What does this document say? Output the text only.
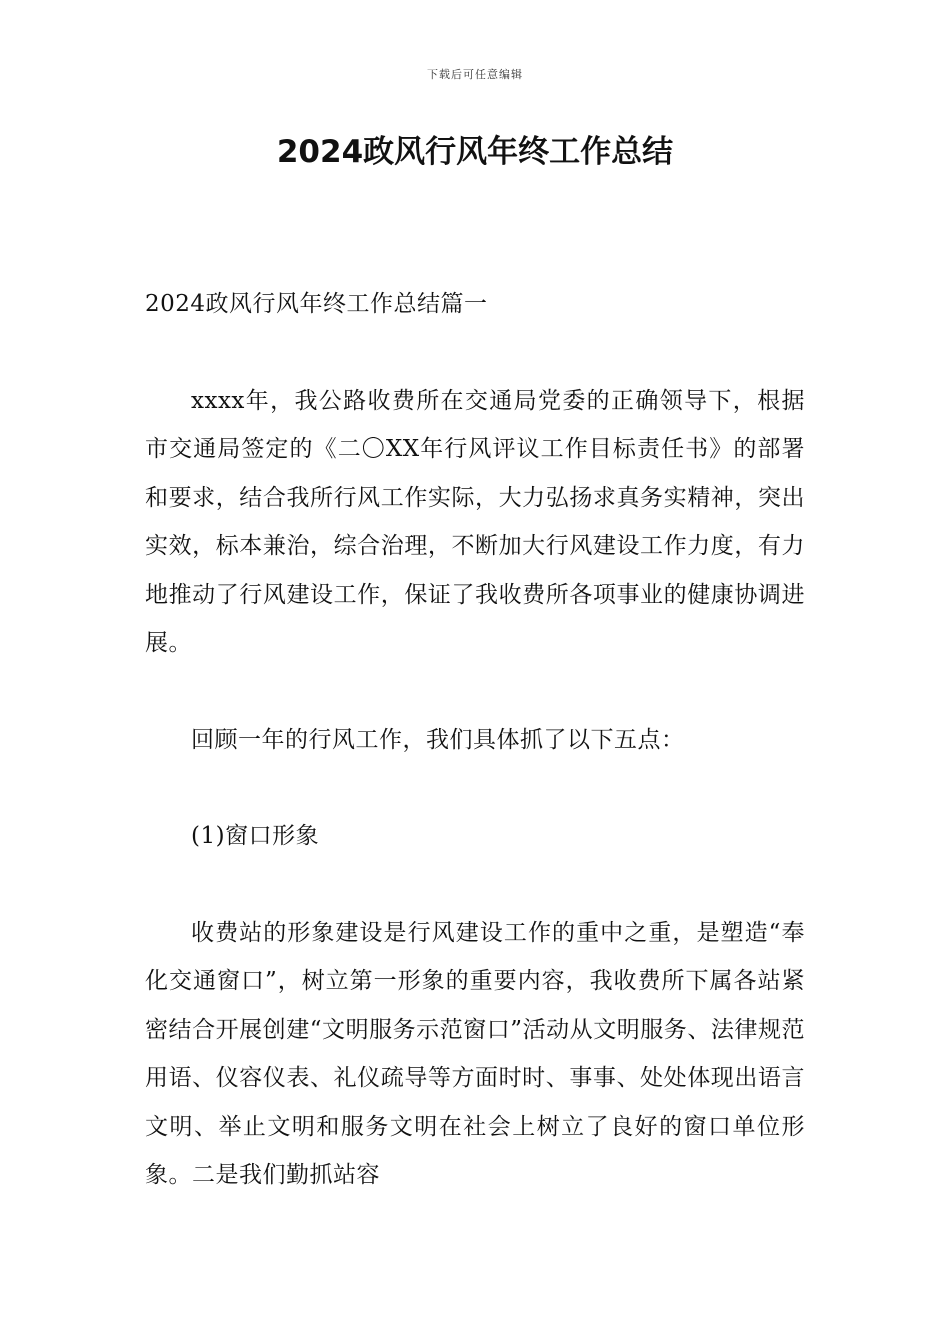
下载后可任意编辑
2024政风行风年终工作总结

2024政风行风年终工作总结篇一

xxxx年，我公路收费所在交通局党委的正确领导下，根据市交通局签定的《二〇XX年行风评议工作目标责任书》的部署和要求，结合我所行风工作实际，大力弘扬求真务实精神，突出实效，标本兼治，综合治理，不断加大行风建设工作力度，有力地推动了行风建设工作，保证了我收费所各项事业的健康协调进展。

回顾一年的行风工作，我们具体抓了以下五点：

(1)窗口形象

收费站的形象建设是行风建设工作的重中之重，是塑造“奉化交通窗口”，树立第一形象的重要内容，我收费所下属各站紧密结合开展创建“文明服务示范窗口”活动从文明服务、法律规范用语、仪容仪表、礼仪疏导等方面时时、事事、处处体现出语言文明、举止文明和服务文明在社会上树立了良好的窗口单位形象。二是我们勤抓站容
